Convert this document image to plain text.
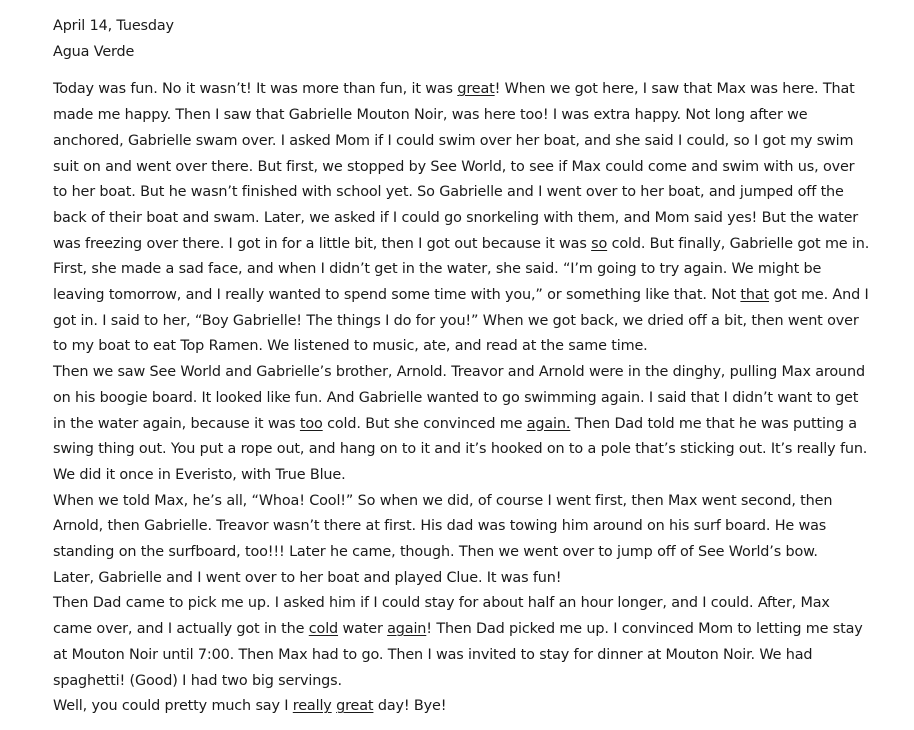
April 14, Tuesday

Agua Verde

Today was fun. No it wasn’t! It was more than fun, it was great! When we got here, I saw that Max was here. That made me happy. Then I saw that Gabrielle Mouton Noir, was here too! I was extra happy. Not long after we anchored, Gabrielle swam over. I asked Mom if I could swim over her boat, and she said I could, so I got my swim suit on and went over there. But first, we stopped by See World, to see if Max could come and swim with us, over to her boat. But he wasn’t finished with school yet. So Gabrielle and I went over to her boat, and jumped off the back of their boat and swam. Later, we asked if I could go snorkeling with them, and Mom said yes! But the water was freezing over there. I got in for a little bit, then I got out because it was so cold. But finally, Gabrielle got me in. First, she made a sad face, and when I didn’t get in the water, she said. “I’m going to try again. We might be leaving tomorrow, and I really wanted to spend some time with you,” or something like that. Not that got me. And I got in. I said to her, “Boy Gabrielle! The things I do for you!” When we got back, we dried off a bit, then went over to my boat to eat Top Ramen. We listened to music, ate, and read at the same time.

Then we saw See World and Gabrielle’s brother, Arnold. Treavor and Arnold were in the dinghy, pulling Max around on his boogie board. It looked like fun. And Gabrielle wanted to go swimming again. I said that I didn’t want to get in the water again, because it was too cold. But she convinced me again. Then Dad told me that he was putting a swing thing out. You put a rope out, and hang on to it and it’s hooked on to a pole that’s sticking out. It’s really fun. We did it once in Everisto, with True Blue.

When we told Max, he’s all, “Whoa! Cool!” So when we did, of course I went first, then Max went second, then Arnold, then Gabrielle. Treavor wasn’t there at first. His dad was towing him around on his surf board. He was standing on the surfboard, too!!! Later he came, though. Then we went over to jump off of See World’s bow.

Later, Gabrielle and I went over to her boat and played Clue. It was fun!

Then Dad came to pick me up. I asked him if I could stay for about half an hour longer, and I could. After, Max came over, and I actually got in the cold water again! Then Dad picked me up. I convinced Mom to letting me stay at Mouton Noir until 7:00. Then Max had to go. Then I was invited to stay for dinner at Mouton Noir. We had spaghetti! (Good) I had two big servings.

Well, you could pretty much say I really great day! Bye!
